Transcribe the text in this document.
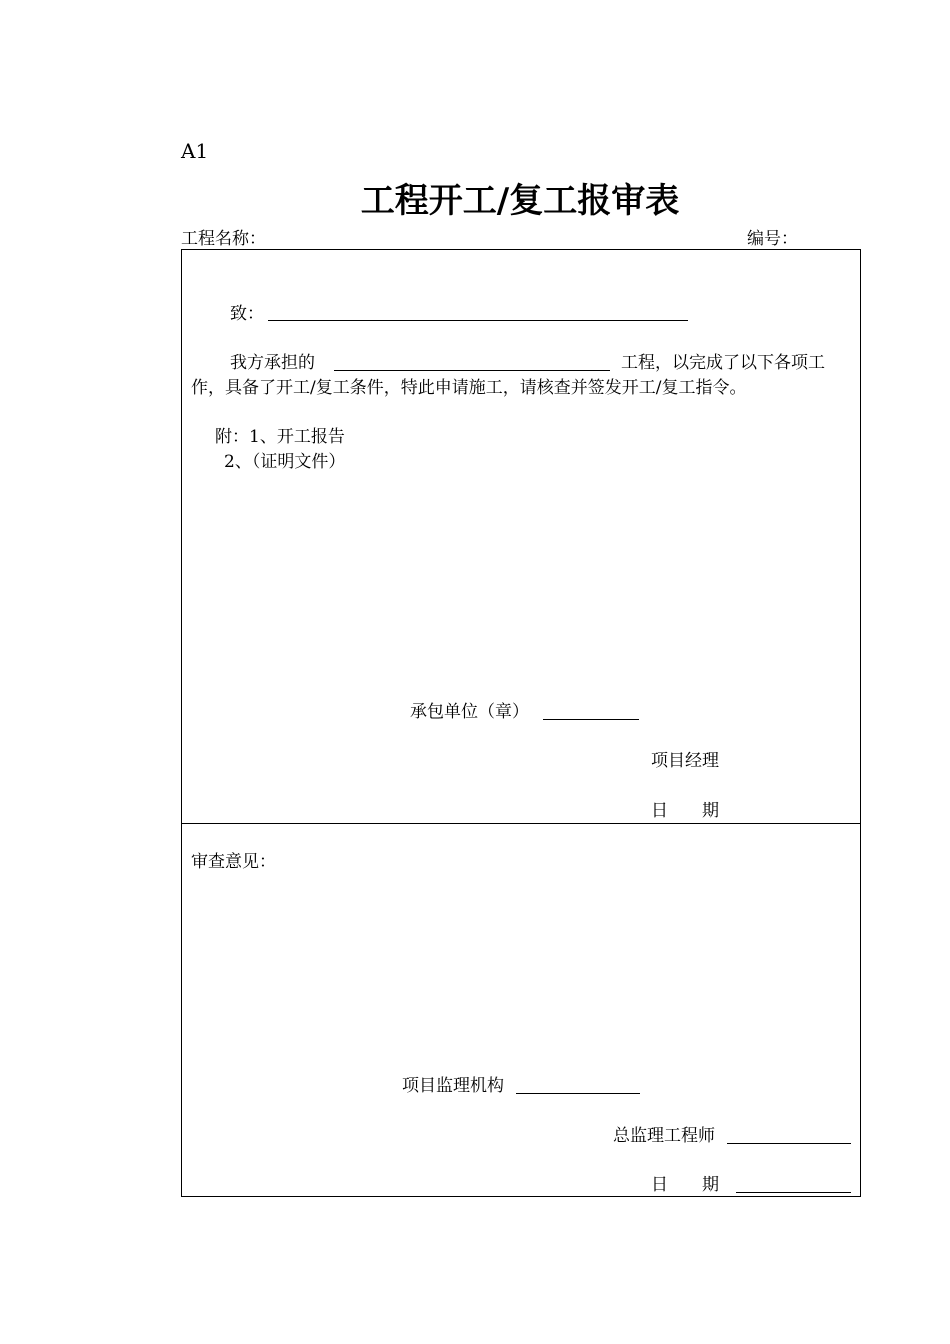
A1
工程开工/复工报审表
工程名称：	编号：
致：
我方承担的	工程，以完成了以下各项工
作，具备了开工/复工条件，特此申请施工，请核查并签发开工/复工指令。
附：1、开工报告
2、（证明文件）
承包单位（章）
项目经理
日　　期
审查意见：
项目监理机构
总监理工程师
日　　期
